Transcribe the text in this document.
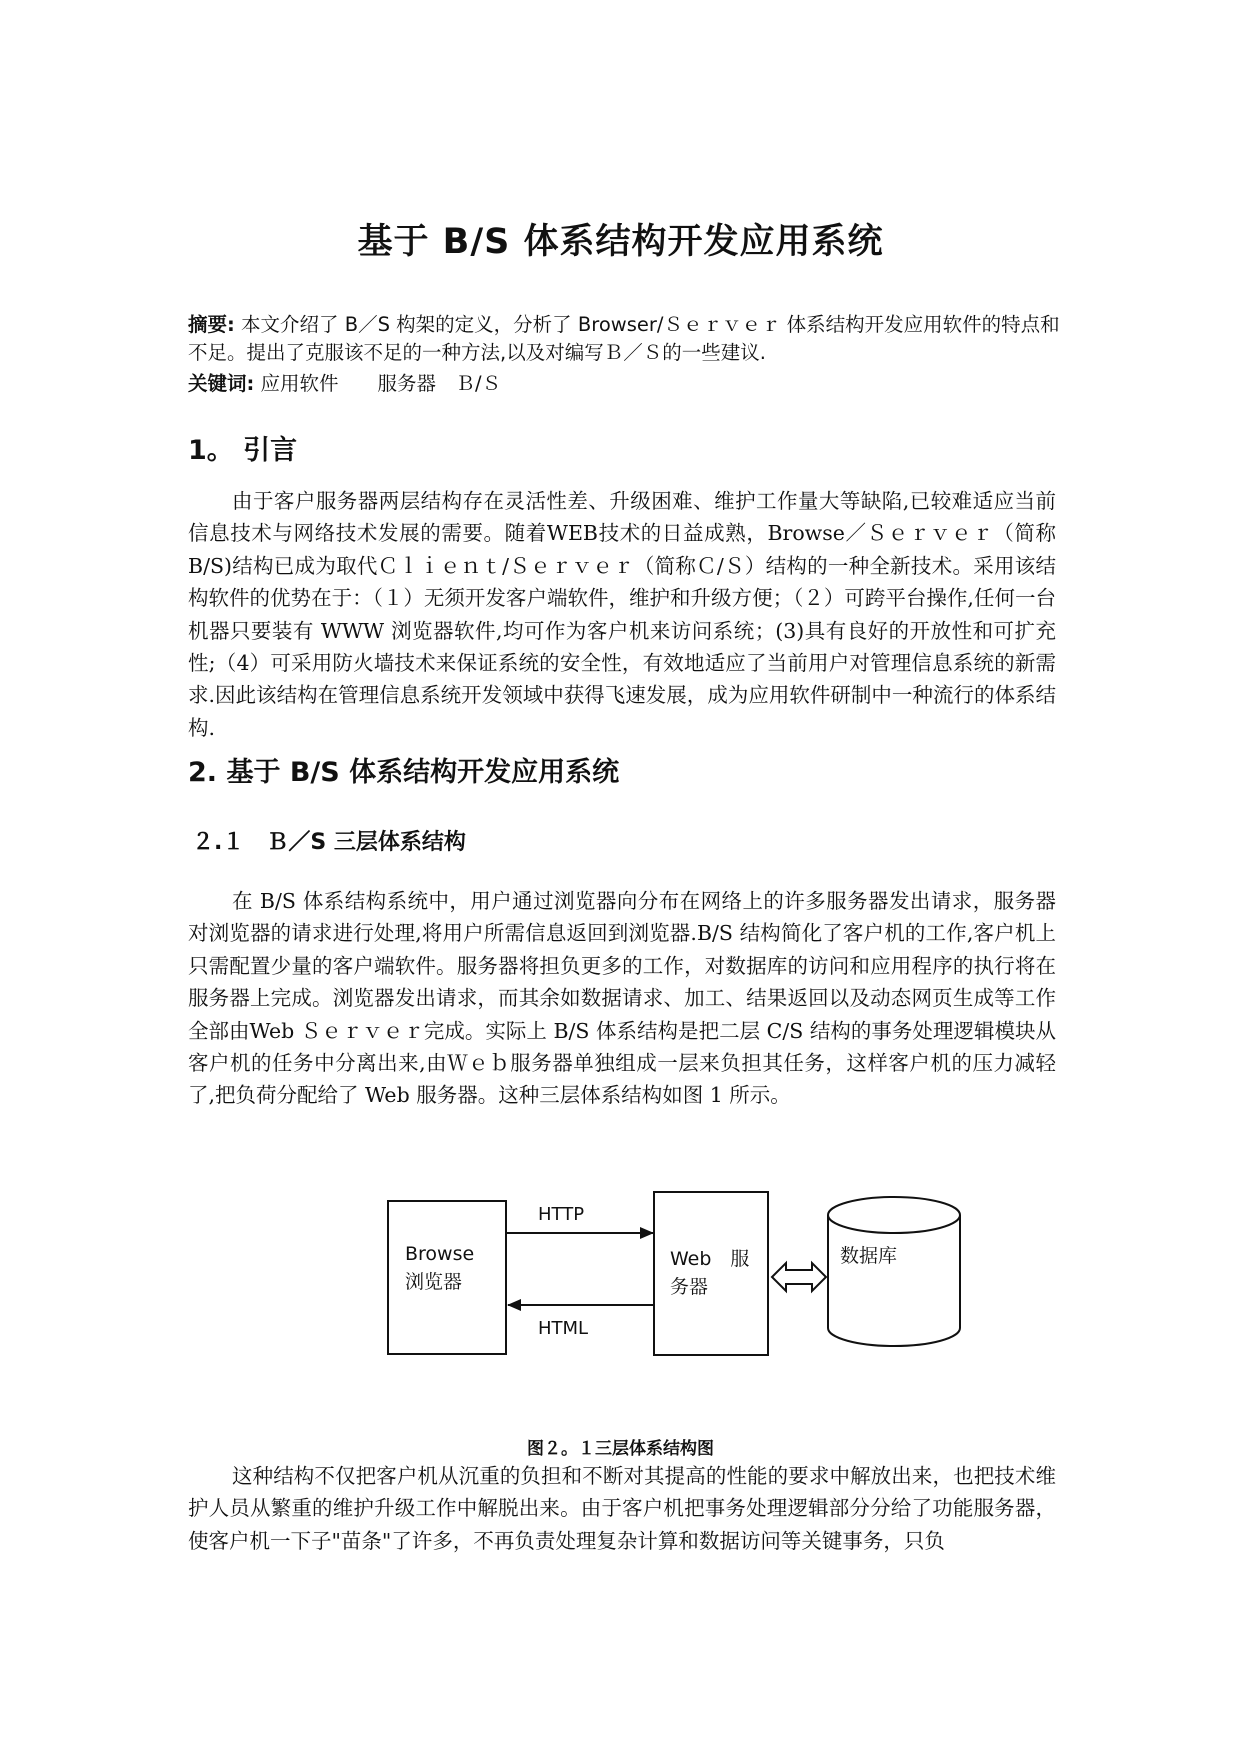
基于 B/S 体系结构开发应用系统

摘要: 本文介绍了 B／S 构架的定义，分析了 Browser/Ｓｅｒｖｅｒ 体系结构开发应用软件的特点和不足。提出了克服该不足的一种方法,以及对编写Ｂ／Ｓ的一些建议.

关键词: 应用软件　　服务器　Ｂ/Ｓ

1。 引言

由于客户服务器两层结构存在灵活性差、升级困难、维护工作量大等缺陷,已较难适应当前信息技术与网络技术发展的需要。随着WEB技术的日益成熟，Browse／Ｓｅｒｖｅｒ（简称 B/S)结构已成为取代Ｃｌｉｅｎｔ/Ｓｅｒｖｅｒ（简称Ｃ/Ｓ）结构的一种全新技术。采用该结构软件的优势在于：（１）无须开发客户端软件，维护和升级方便；（２）可跨平台操作,任何一台机器只要装有 WWW 浏览器软件,均可作为客户机来访问系统；(3)具有良好的开放性和可扩充性;（4）可采用防火墙技术来保证系统的安全性，有效地适应了当前用户对管理信息系统的新需求.因此该结构在管理信息系统开发领域中获得飞速发展，成为应用软件研制中一种流行的体系结构.

2. 基于 B/S 体系结构开发应用系统
２.１　Ｂ／S 三层体系结构

在 B/S 体系结构系统中，用户通过浏览器向分布在网络上的许多服务器发出请求，服务器对浏览器的请求进行处理,将用户所需信息返回到浏览器.B/S 结构简化了客户机的工作,客户机上只需配置少量的客户端软件。服务器将担负更多的工作，对数据库的访问和应用程序的执行将在服务器上完成。浏览器发出请求，而其余如数据请求、加工、结果返回以及动态网页生成等工作全部由Web Ｓｅｒｖｅｒ完成。实际上 B/S 体系结构是把二层 C/S 结构的事务处理逻辑模块从客户机的任务中分离出来,由Ｗｅｂ服务器单独组成一层来负担其任务，这样客户机的压力减轻了,把负荷分配给了 Web 服务器。这种三层体系结构如图 1 所示。

Browse
浏览器
HTTP
HTML
Web　服
务器
数据库

图２。１三层体系结构图

这种结构不仅把客户机从沉重的负担和不断对其提高的性能的要求中解放出来，也把技术维护人员从繁重的维护升级工作中解脱出来。由于客户机把事务处理逻辑部分分给了功能服务器，使客户机一下子"苗条"了许多，不再负责处理复杂计算和数据访问等关键事务，只负
